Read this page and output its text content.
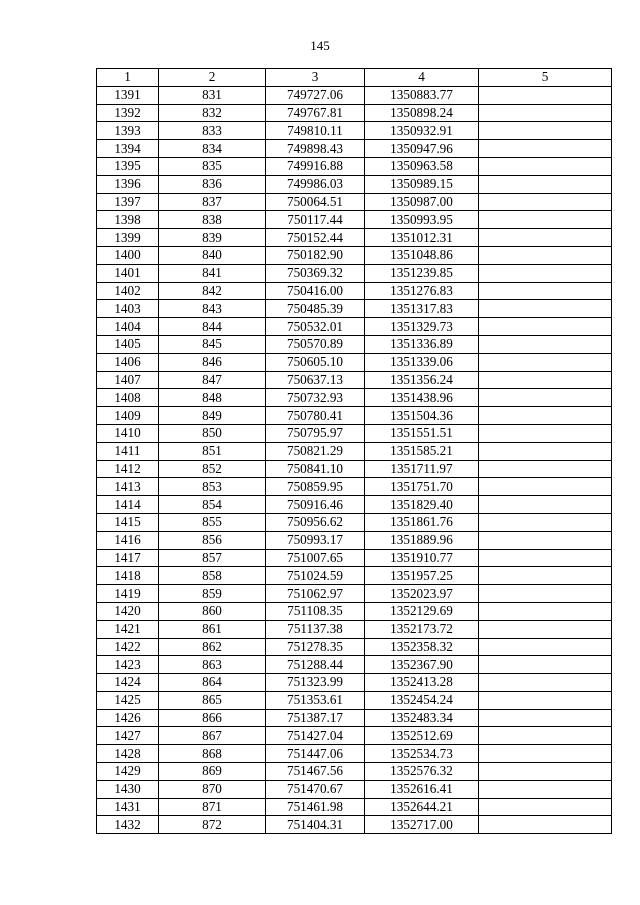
145
1	2	3	4	5
1391	831	749727.06	1350883.77	
1392	832	749767.81	1350898.24	
1393	833	749810.11	1350932.91	
1394	834	749898.43	1350947.96	
1395	835	749916.88	1350963.58	
1396	836	749986.03	1350989.15	
1397	837	750064.51	1350987.00	
1398	838	750117.44	1350993.95	
1399	839	750152.44	1351012.31	
1400	840	750182.90	1351048.86	
1401	841	750369.32	1351239.85	
1402	842	750416.00	1351276.83	
1403	843	750485.39	1351317.83	
1404	844	750532.01	1351329.73	
1405	845	750570.89	1351336.89	
1406	846	750605.10	1351339.06	
1407	847	750637.13	1351356.24	
1408	848	750732.93	1351438.96	
1409	849	750780.41	1351504.36	
1410	850	750795.97	1351551.51	
1411	851	750821.29	1351585.21	
1412	852	750841.10	1351711.97	
1413	853	750859.95	1351751.70	
1414	854	750916.46	1351829.40	
1415	855	750956.62	1351861.76	
1416	856	750993.17	1351889.96	
1417	857	751007.65	1351910.77	
1418	858	751024.59	1351957.25	
1419	859	751062.97	1352023.97	
1420	860	751108.35	1352129.69	
1421	861	751137.38	1352173.72	
1422	862	751278.35	1352358.32	
1423	863	751288.44	1352367.90	
1424	864	751323.99	1352413.28	
1425	865	751353.61	1352454.24	
1426	866	751387.17	1352483.34	
1427	867	751427.04	1352512.69	
1428	868	751447.06	1352534.73	
1429	869	751467.56	1352576.32	
1430	870	751470.67	1352616.41	
1431	871	751461.98	1352644.21	
1432	872	751404.31	1352717.00	
